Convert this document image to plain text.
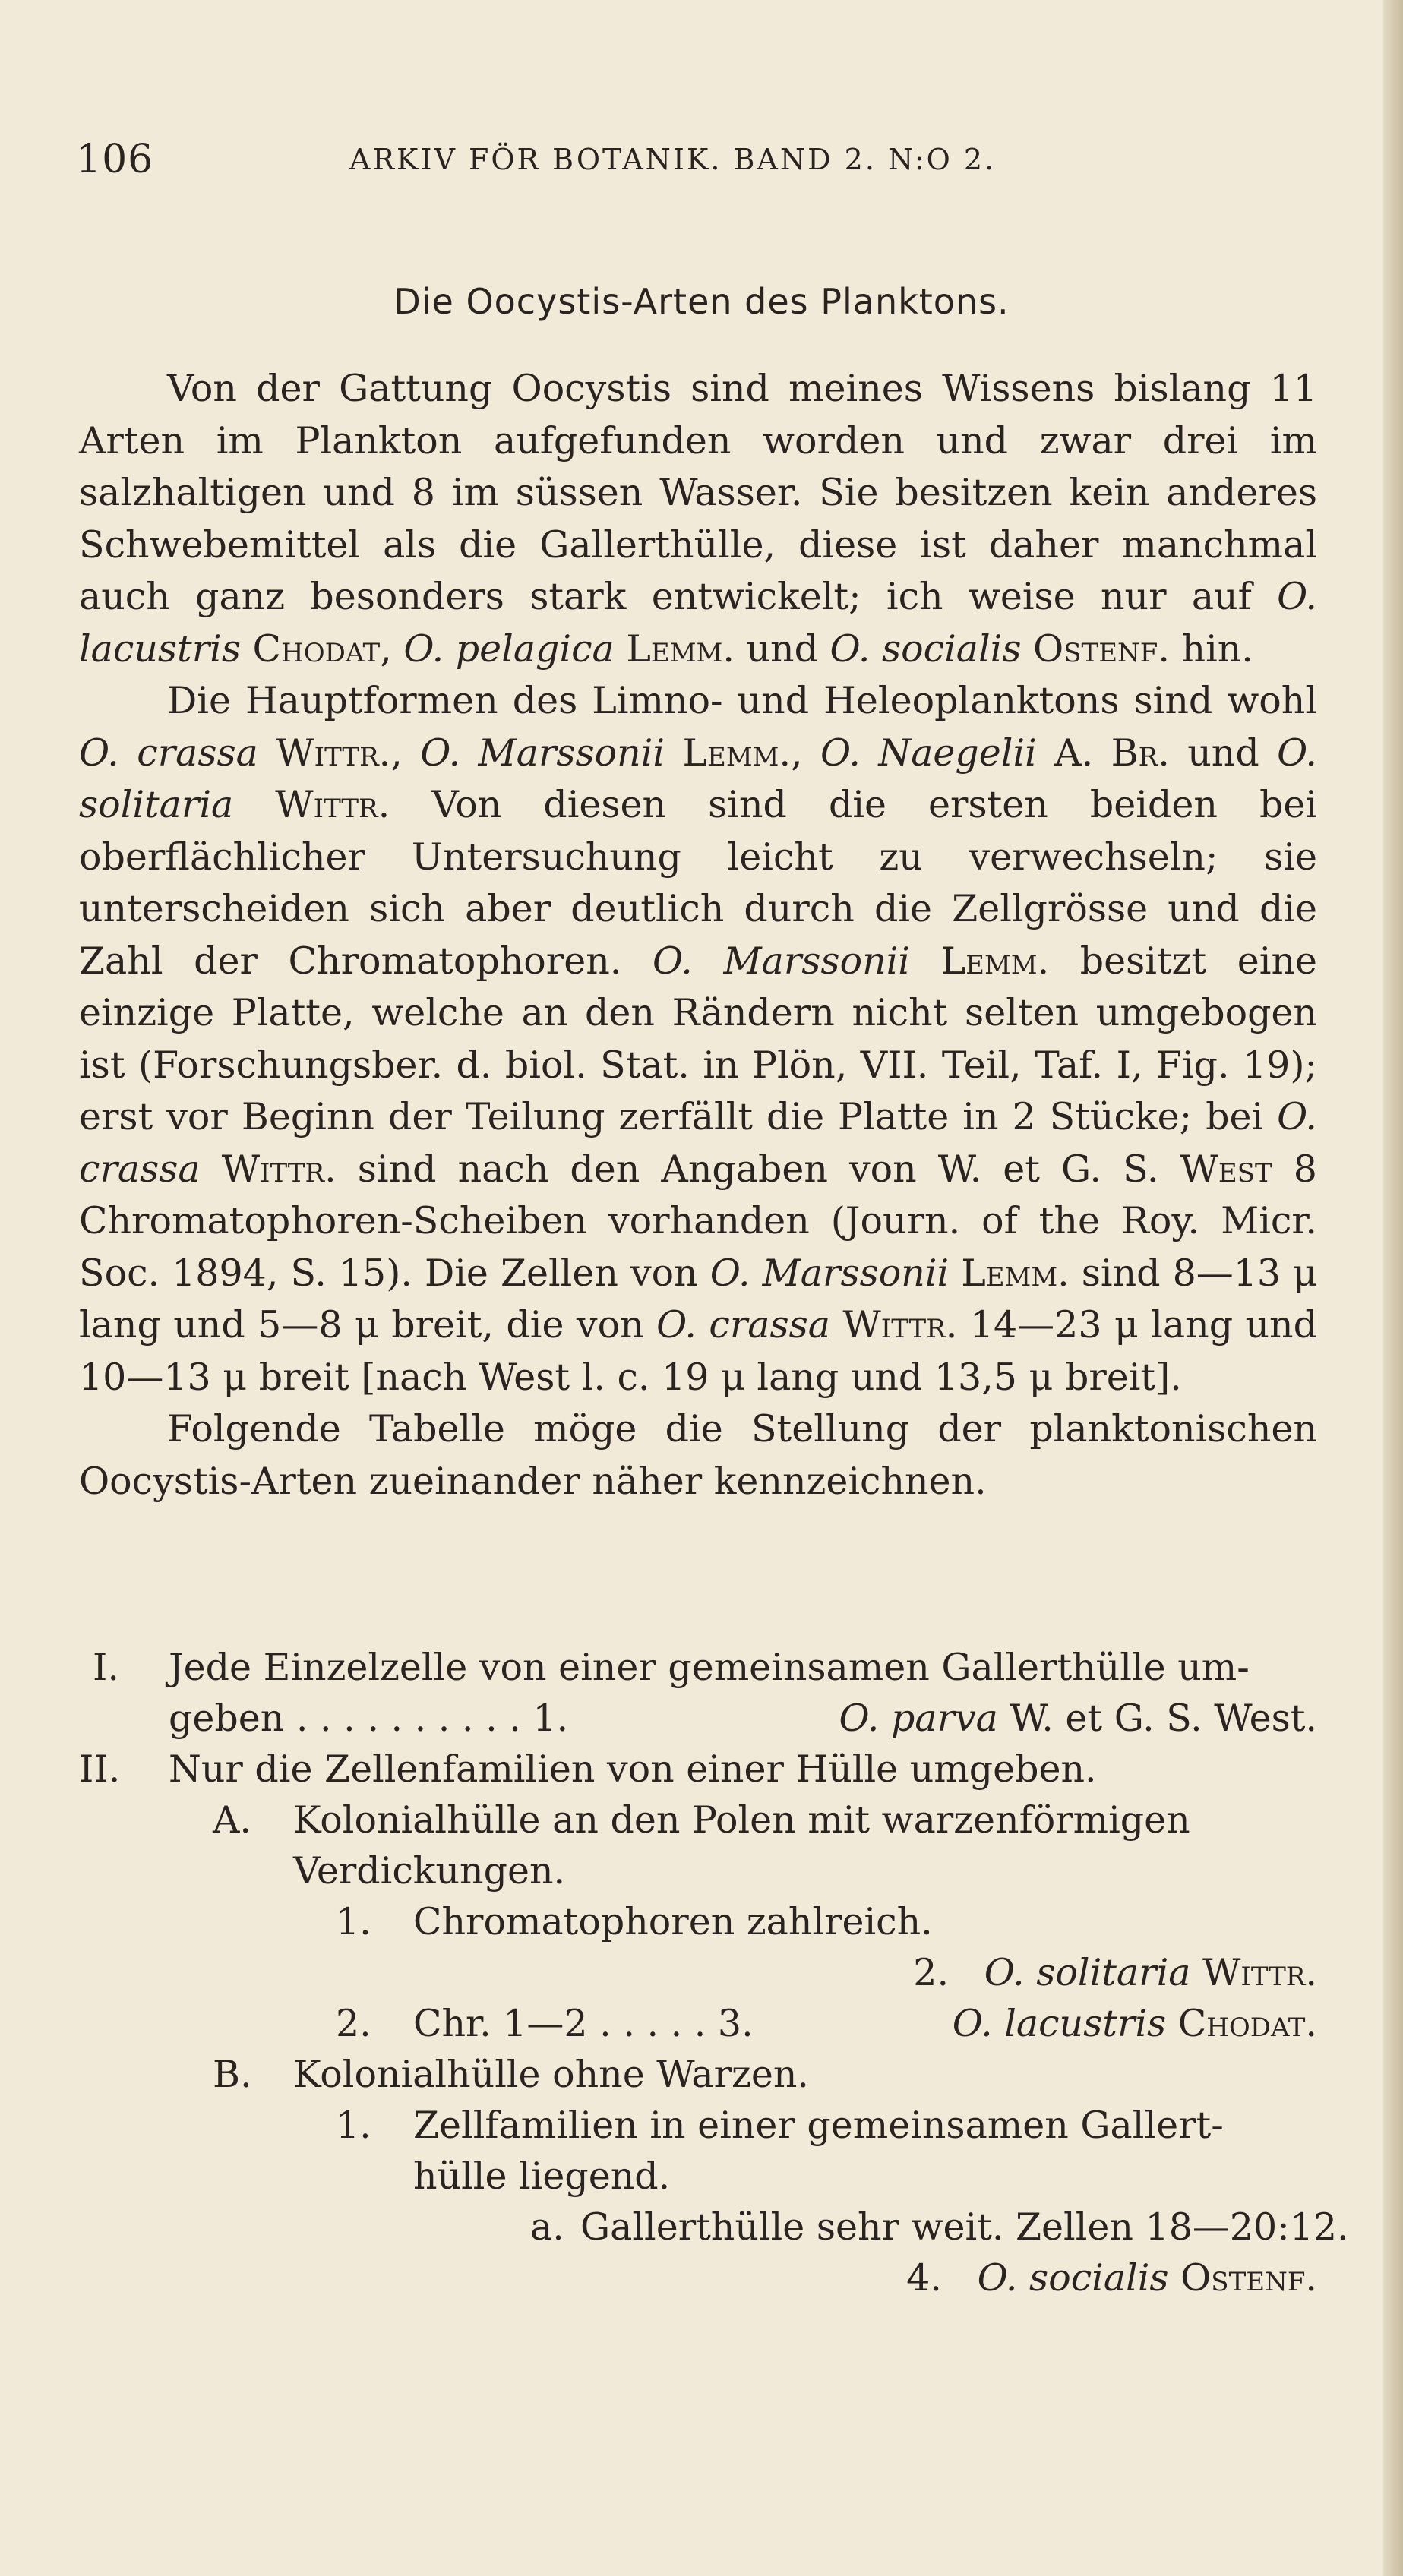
106	ARKIV FÖR BOTANIK. BAND 2. N:O 2.
Die Oocystis-Arten des Planktons.

Von der Gattung Oocystis sind meines Wissens bislang 11 Arten im Plankton aufgefunden worden und zwar drei im salzhaltigen und 8 im süssen Wasser. Sie besitzen kein anderes Schwebemittel als die Gallerthülle, diese ist daher manchmal auch ganz besonders stark entwickelt; ich weise nur auf O. lacustris Chodat, O. pelagica Lemm. und O. socialis Ostenf. hin.

Die Hauptformen des Limno- und Heleoplanktons sind wohl O. crassa Wittr., O. Marssonii Lemm., O. Naegelii A. Br. und O. solitaria Wittr. Von diesen sind die ersten beiden bei oberflächlicher Untersuchung leicht zu verwechseln; sie unterscheiden sich aber deutlich durch die Zellgrösse und die Zahl der Chromatophoren. O. Marssonii Lemm. besitzt eine einzige Platte, welche an den Rändern nicht selten umgebogen ist (Forschungsber. d. biol. Stat. in Plön, VII. Teil, Taf. I, Fig. 19); erst vor Beginn der Teilung zerfällt die Platte in 2 Stücke; bei O. crassa Wittr. sind nach den Angaben von W. et G. S. West 8 Chromatophoren-Scheiben vorhanden (Journ. of the Roy. Micr. Soc. 1894, S. 15). Die Zellen von O. Marssonii Lemm. sind 8—13 μ lang und 5—8 μ breit, die von O. crassa Wittr. 14—23 μ lang und 10—13 μ breit [nach West l. c. 19 μ lang und 13,5 μ breit].

Folgende Tabelle möge die Stellung der planktonischen Oocystis-Arten zueinander näher kennzeichnen.

I. Jede Einzelzelle von einer gemeinsamen Gallerthülle um-
geben . . . . . . . . . . 1.	O. parva W. et G. S. West.
II. Nur die Zellenfamilien von einer Hülle umgeben.
A. Kolonialhülle an den Polen mit warzenförmigen
Verdickungen.
1. Chromatophoren zahlreich.
2. O. solitaria Wittr.
2. Chr. 1—2 . . . . . 3.	O. lacustris Chodat.
B. Kolonialhülle ohne Warzen.
1. Zellfamilien in einer gemeinsamen Gallert-
hülle liegend.
a. Gallerthülle sehr weit. Zellen 18—20:12.
4. O. socialis Ostenf.
